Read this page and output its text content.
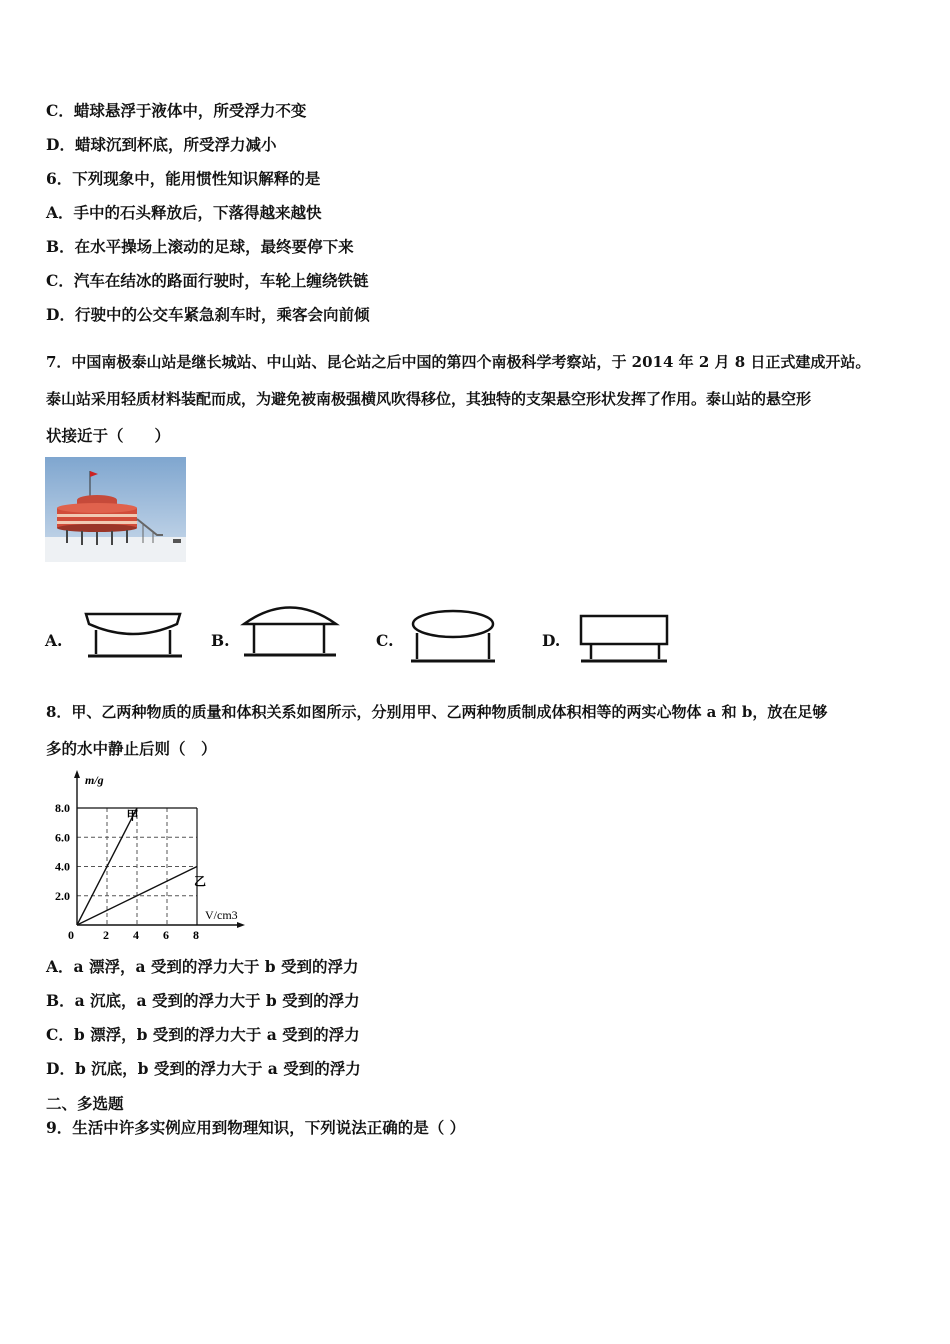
C．蜡球悬浮于液体中，所受浮力不变
D．蜡球沉到杯底，所受浮力减小
6．下列现象中，能用惯性知识解释的是
A．手中的石头释放后，下落得越来越快
B．在水平操场上滚动的足球，最终要停下来
C．汽车在结冰的路面行驶时，车轮上缠绕铁链
D．行驶中的公交车紧急刹车时，乘客会向前倾
7．中国南极泰山站是继长城站、中山站、昆仑站之后中国的第四个南极科学考察站，于 2014 年 2 月 8 日正式建成开站。
泰山站采用轻质材料装配而成，为避免被南极强横风吹得移位，其独特的支架悬空形状发挥了作用。泰山站的悬空形
状接近于（　　）
A.	B.	C.	D.
8．甲、乙两种物质的质量和体积关系如图所示，分别用甲、乙两种物质制成体积相等的两实心物体 a 和 b，放在足够
多的水中静止后则（　）
甲
乙
m/g
V/cm3
0 2 4 6 8
2.0
4.0
6.0
8.0
A．a 漂浮，a 受到的浮力大于 b 受到的浮力
B．a 沉底，a 受到的浮力大于 b 受到的浮力
C．b 漂浮，b 受到的浮力大于 a 受到的浮力
D．b 沉底，b 受到的浮力大于 a 受到的浮力
二、多选题
9．生活中许多实例应用到物理知识，下列说法正确的是（ ）
